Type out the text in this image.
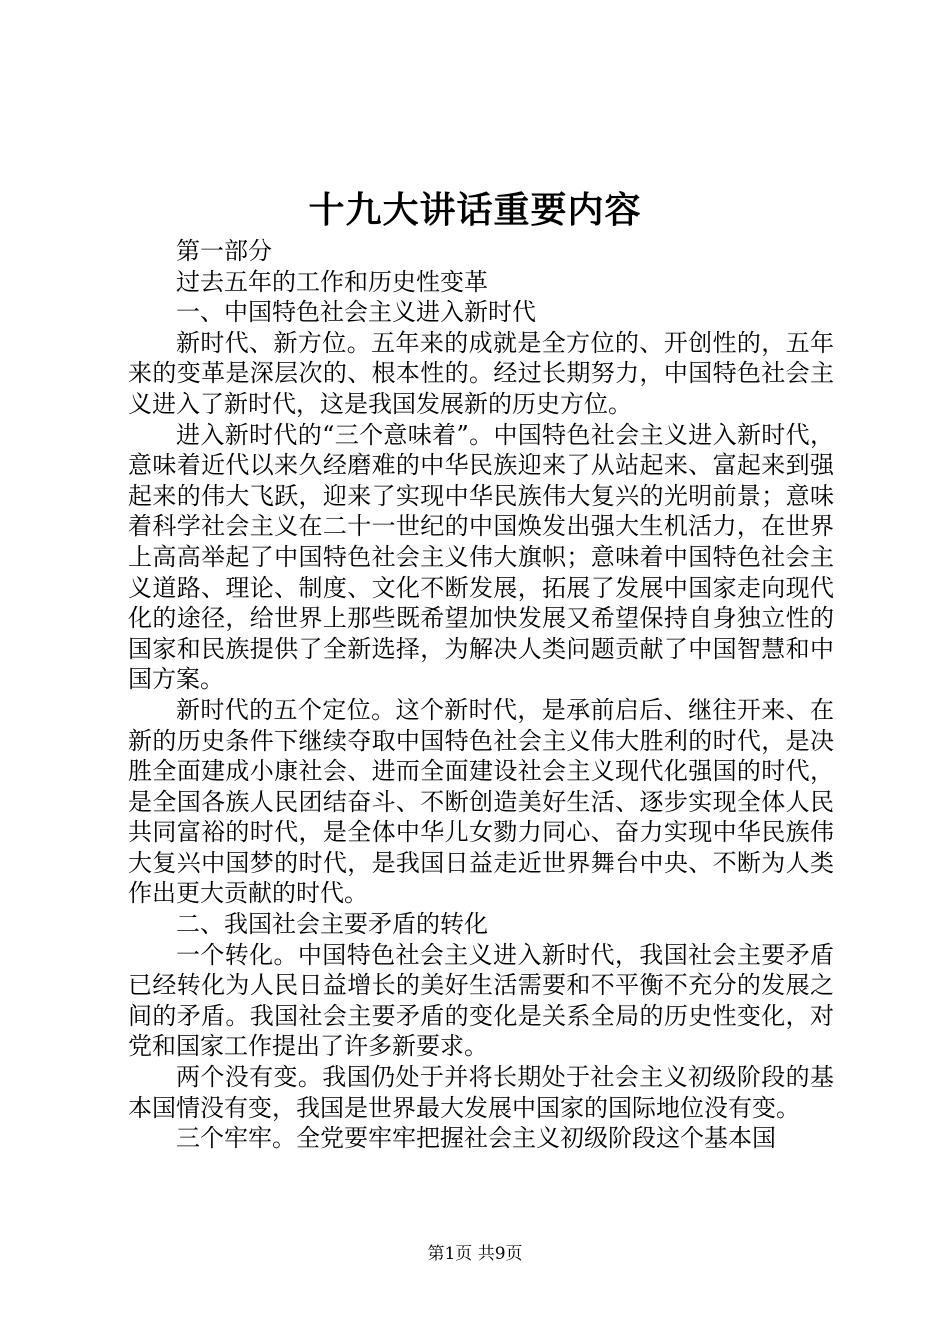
十九大讲话重要内容

第一部分

过去五年的工作和历史性变革

一、中国特色社会主义进入新时代

新时代、新方位。五年来的成就是全方位的、开创性的，五年来的变革是深层次的、根本性的。经过长期努力，中国特色社会主义进入了新时代，这是我国发展新的历史方位。

进入新时代的“三个意味着”。中国特色社会主义进入新时代，意味着近代以来久经磨难的中华民族迎来了从站起来、富起来到强起来的伟大飞跃，迎来了实现中华民族伟大复兴的光明前景；意味着科学社会主义在二十一世纪的中国焕发出强大生机活力，在世界上高高举起了中国特色社会主义伟大旗帜；意味着中国特色社会主义道路、理论、制度、文化不断发展，拓展了发展中国家走向现代化的途径，给世界上那些既希望加快发展又希望保持自身独立性的国家和民族提供了全新选择，为解决人类问题贡献了中国智慧和中国方案。

新时代的五个定位。这个新时代，是承前启后、继往开来、在新的历史条件下继续夺取中国特色社会主义伟大胜利的时代，是决胜全面建成小康社会、进而全面建设社会主义现代化强国的时代，是全国各族人民团结奋斗、不断创造美好生活、逐步实现全体人民共同富裕的时代，是全体中华儿女勠力同心、奋力实现中华民族伟大复兴中国梦的时代，是我国日益走近世界舞台中央、不断为人类作出更大贡献的时代。

二、我国社会主要矛盾的转化

一个转化。中国特色社会主义进入新时代，我国社会主要矛盾已经转化为人民日益增长的美好生活需要和不平衡不充分的发展之间的矛盾。我国社会主要矛盾的变化是关系全局的历史性变化，对党和国家工作提出了许多新要求。

两个没有变。我国仍处于并将长期处于社会主义初级阶段的基本国情没有变，我国是世界最大发展中国家的国际地位没有变。

三个牢牢。全党要牢牢把握社会主义初级阶段这个基本国

第1页 共9页
